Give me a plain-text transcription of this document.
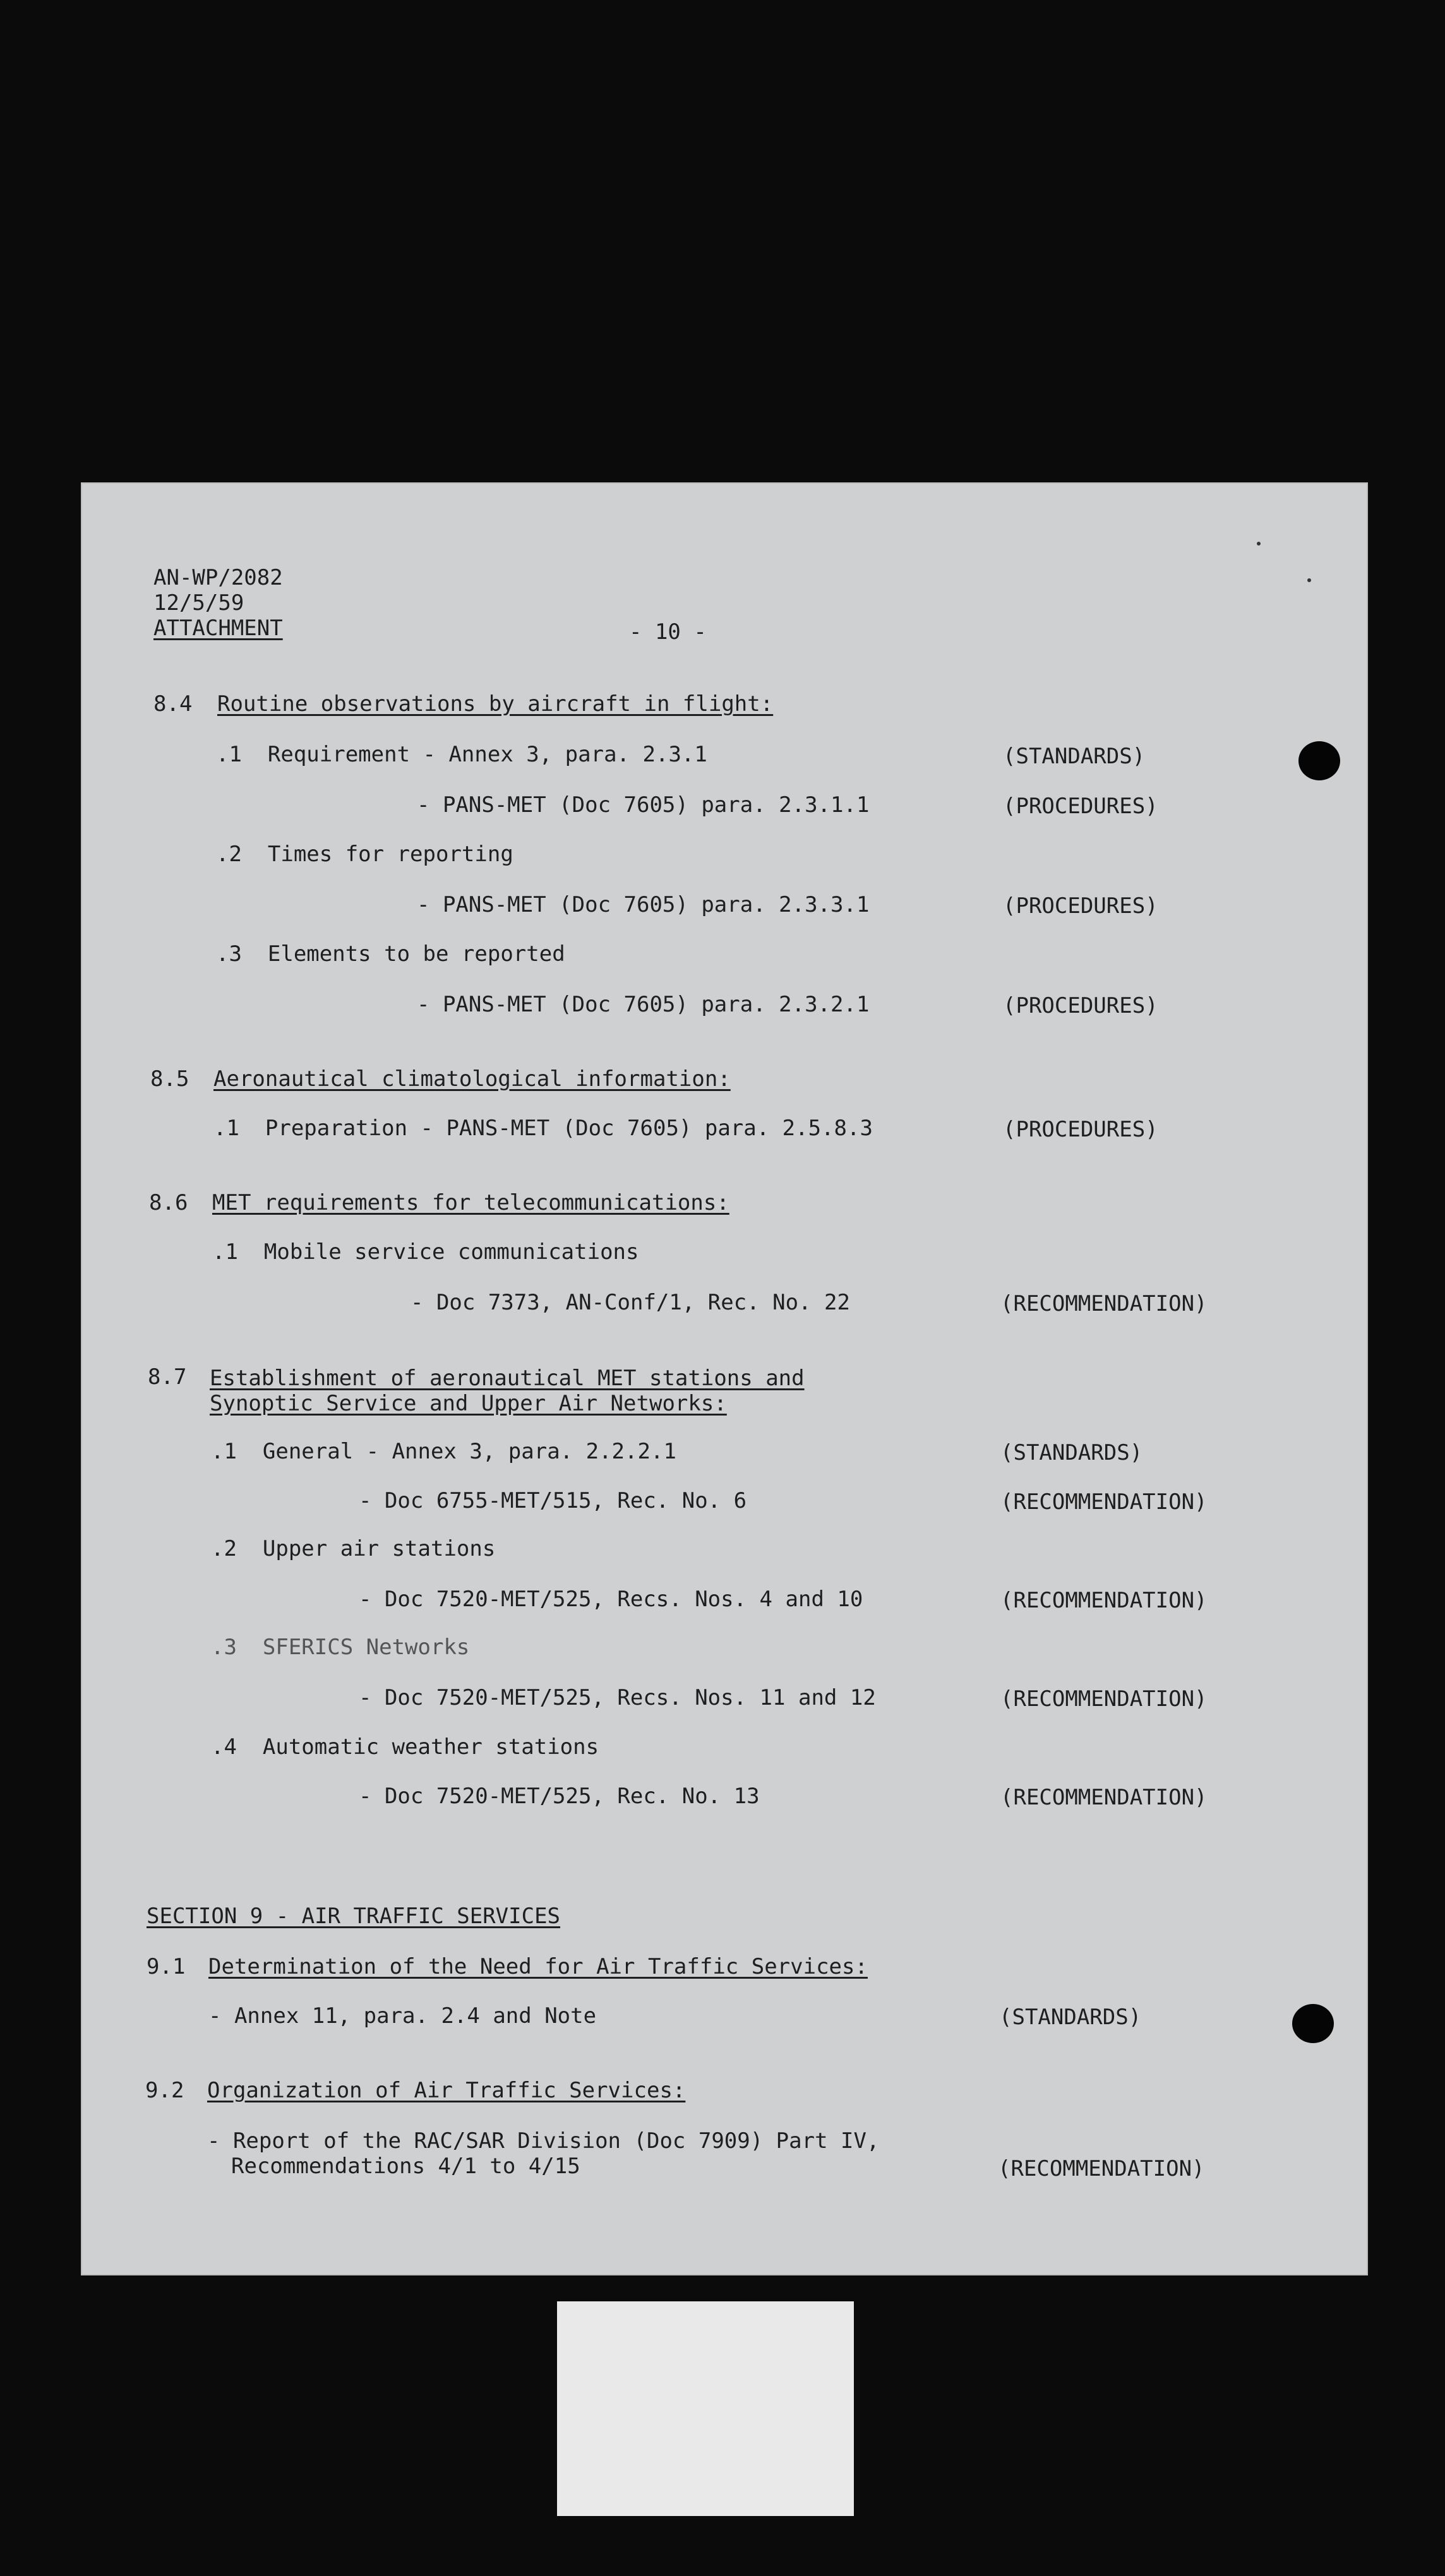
AN-WP/2082
12/5/59
ATTACHMENT	- 10 -
8.4 Routine observations by aircraft in flight:
.1  Requirement - Annex 3, para. 2.3.1	(STANDARDS)
- PANS-MET (Doc 7605) para. 2.3.1.1	(PROCEDURES)
.2  Times for reporting
- PANS-MET (Doc 7605) para. 2.3.3.1	(PROCEDURES)
.3  Elements to be reported
- PANS-MET (Doc 7605) para. 2.3.2.1	(PROCEDURES)
8.5 Aeronautical climatological information:
.1  Preparation - PANS-MET (Doc 7605) para. 2.5.8.3	(PROCEDURES)
8.6 MET requirements for telecommunications:
.1  Mobile service communications
- Doc 7373, AN-Conf/1, Rec. No. 22	(RECOMMENDATION)
8.7 Establishment of aeronautical MET stations and
Synoptic Service and Upper Air Networks:
.1  General - Annex 3, para. 2.2.2.1	(STANDARDS)
- Doc 6755-MET/515, Rec. No. 6	(RECOMMENDATION)
.2  Upper air stations
- Doc 7520-MET/525, Recs. Nos. 4 and 10	(RECOMMENDATION)
.3  SFERICS Networks
- Doc 7520-MET/525, Recs. Nos. 11 and 12	(RECOMMENDATION)
.4  Automatic weather stations
- Doc 7520-MET/525, Rec. No. 13	(RECOMMENDATION)
SECTION 9 - AIR TRAFFIC SERVICES
9.1 Determination of the Need for Air Traffic Services:
- Annex 11, para. 2.4 and Note	(STANDARDS)
9.2 Organization of Air Traffic Services:
- Report of the RAC/SAR Division (Doc 7909) Part IV,
Recommendations 4/1 to 4/15	(RECOMMENDATION)
